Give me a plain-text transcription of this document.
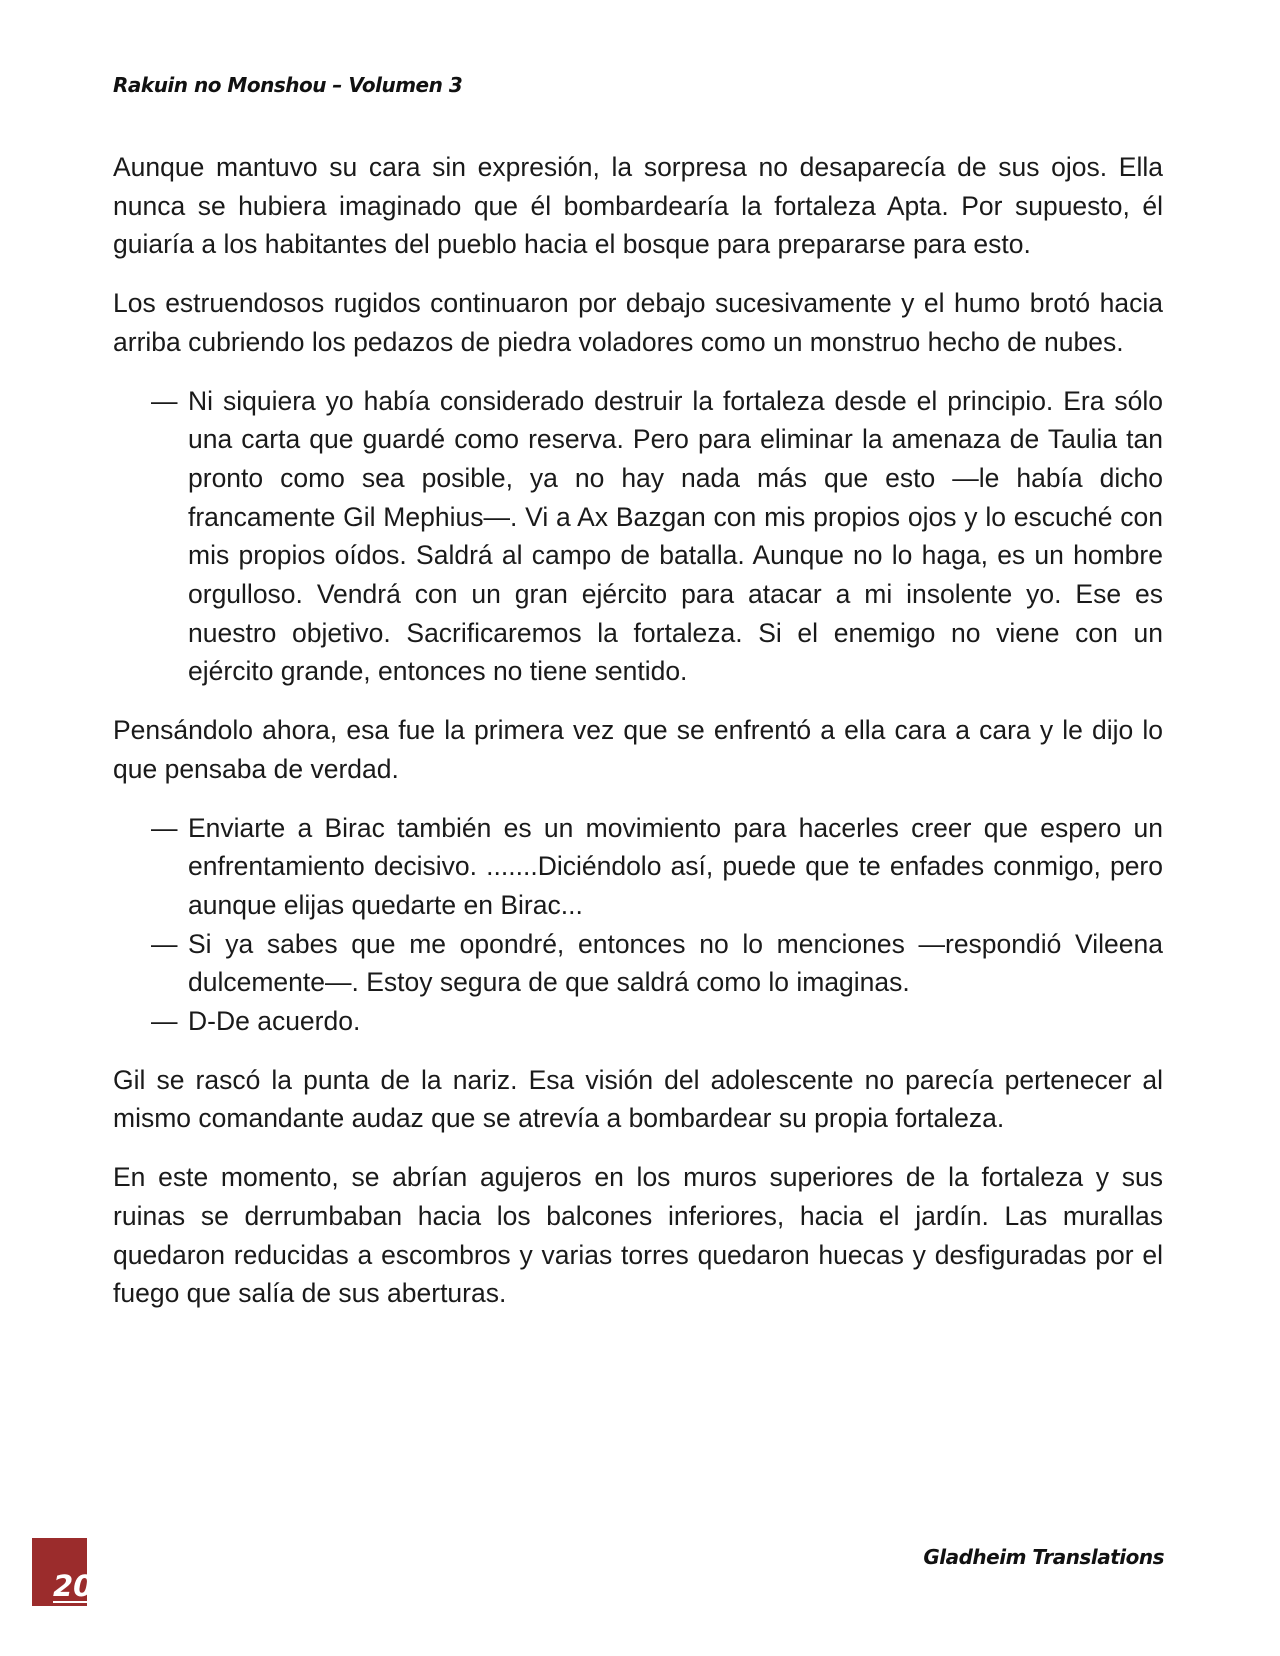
Rakuin no Monshou – Volumen 3

Aunque mantuvo su cara sin expresión, la sorpresa no desaparecía de sus ojos. Ella nunca se hubiera imaginado que él bombardearía la fortaleza Apta. Por supuesto, él guiaría a los habitantes del pueblo hacia el bosque para prepararse para esto.

Los estruendosos rugidos continuaron por debajo sucesivamente y el humo brotó hacia arriba cubriendo los pedazos de piedra voladores como un monstruo hecho de nubes.

— Ni siquiera yo había considerado destruir la fortaleza desde el principio. Era sólo una carta que guardé como reserva. Pero para eliminar la amenaza de Taulia tan pronto como sea posible, ya no hay nada más que esto —le había dicho francamente Gil Mephius—. Vi a Ax Bazgan con mis propios ojos y lo escuché con mis propios oídos. Saldrá al campo de batalla. Aunque no lo haga, es un hombre orgulloso. Vendrá con un gran ejército para atacar a mi insolente yo. Ese es nuestro objetivo. Sacrificaremos la fortaleza. Si el enemigo no viene con un ejército grande, entonces no tiene sentido.

Pensándolo ahora, esa fue la primera vez que se enfrentó a ella cara a cara y le dijo lo que pensaba de verdad.

— Enviarte a Birac también es un movimiento para hacerles creer que espero un enfrentamiento decisivo. .......Diciéndolo así, puede que te enfades conmigo, pero aunque elijas quedarte en Birac...
— Si ya sabes que me opondré, entonces no lo menciones —respondió Vileena dulcemente—. Estoy segura de que saldrá como lo imaginas.
— D-De acuerdo.

Gil se rascó la punta de la nariz. Esa visión del adolescente no parecía pertenecer al mismo comandante audaz que se atrevía a bombardear su propia fortaleza.

En este momento, se abrían agujeros en los muros superiores de la fortaleza y sus ruinas se derrumbaban hacia los balcones inferiores, hacia el jardín. Las murallas quedaron reducidas a escombros y varias torres quedaron huecas y desfiguradas por el fuego que salía de sus aberturas.

20
Gladheim Translations
